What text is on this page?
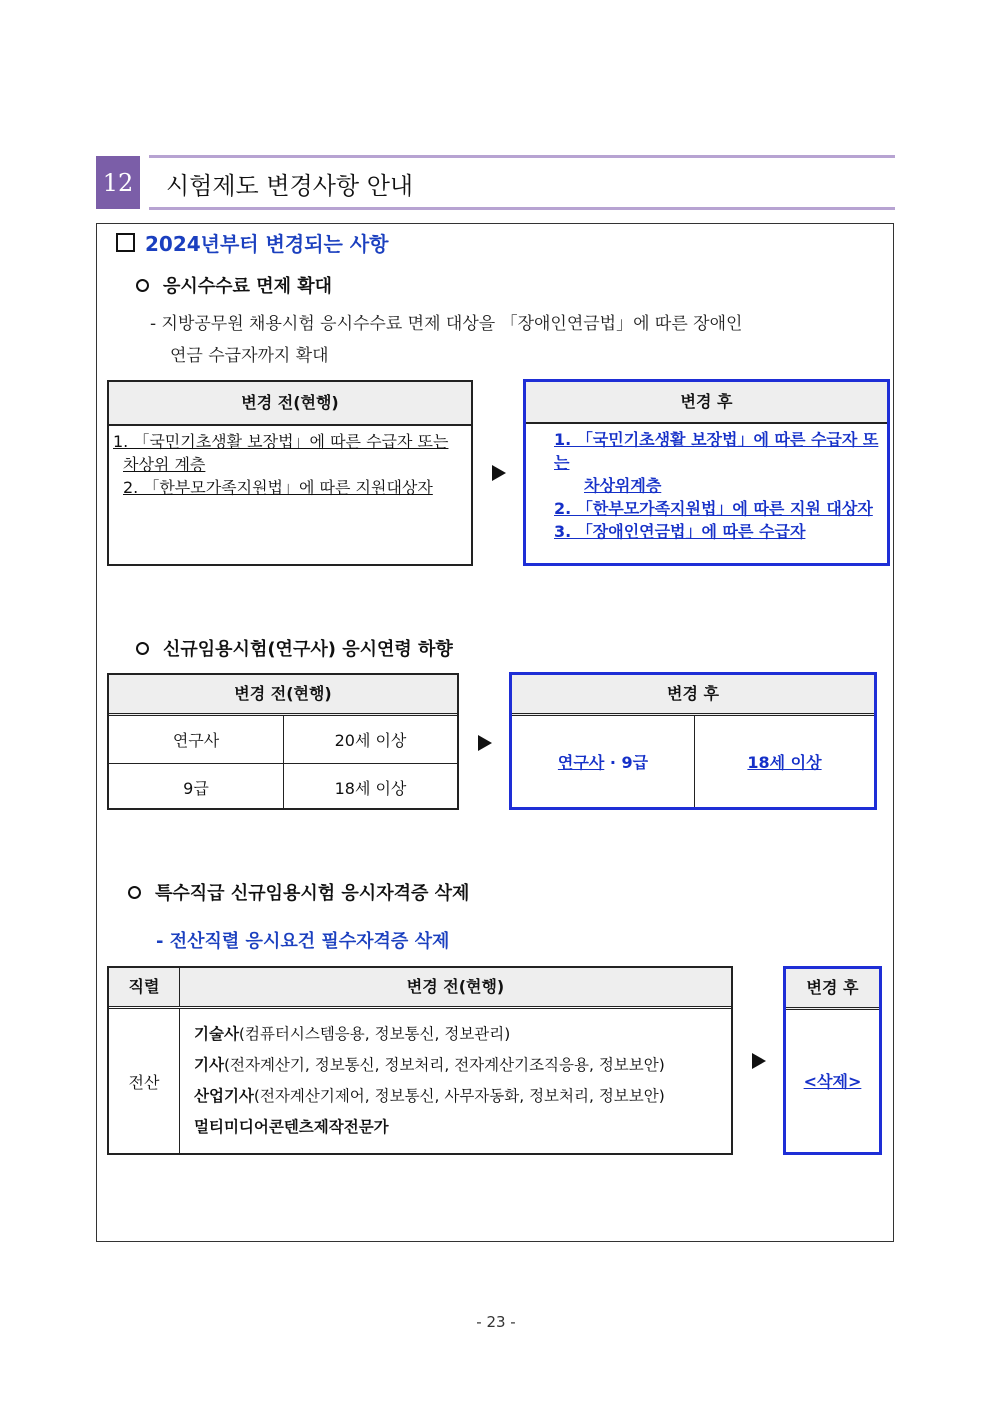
12 시험제도 변경사항 안내
2024년부터 변경되는 사항
응시수수료 면제 확대
- 지방공무원 채용시험 응시수수료 면제 대상을 「장애인연금법」에 따른 장애인
연금 수급자까지 확대
변경 전(현행)
1. 「국민기초생활 보장법」에 따른 수급자 또는
차상위 계층
2. 「한부모가족지원법」에 따른 지원대상자
변경 후
1. 「국민기초생활 보장법」에 따른 수급자 또는
차상위계층
2. 「한부모가족지원법」에 따른 지원 대상자
3. 「장애인연금법」에 따른 수급자
신규임용시험(연구사) 응시연령 하향
변경 전(현행)
연구사	20세 이상
9급	18세 이상
변경 후
연구사 · 9급	18세 이상
특수직급 신규임용시험 응시자격증 삭제
- 전산직렬 응시요건 필수자격증 삭제
직렬	변경 전(현행)
전산
기술사(컴퓨터시스템응용, 정보통신, 정보관리)
기사(전자계산기, 정보통신, 정보처리, 전자계산기조직응용, 정보보안)
산업기사(전자계산기제어, 정보통신, 사무자동화, 정보처리, 정보보안)
멀티미디어콘텐츠제작전문가
변경 후
<삭제>
- 23 -
